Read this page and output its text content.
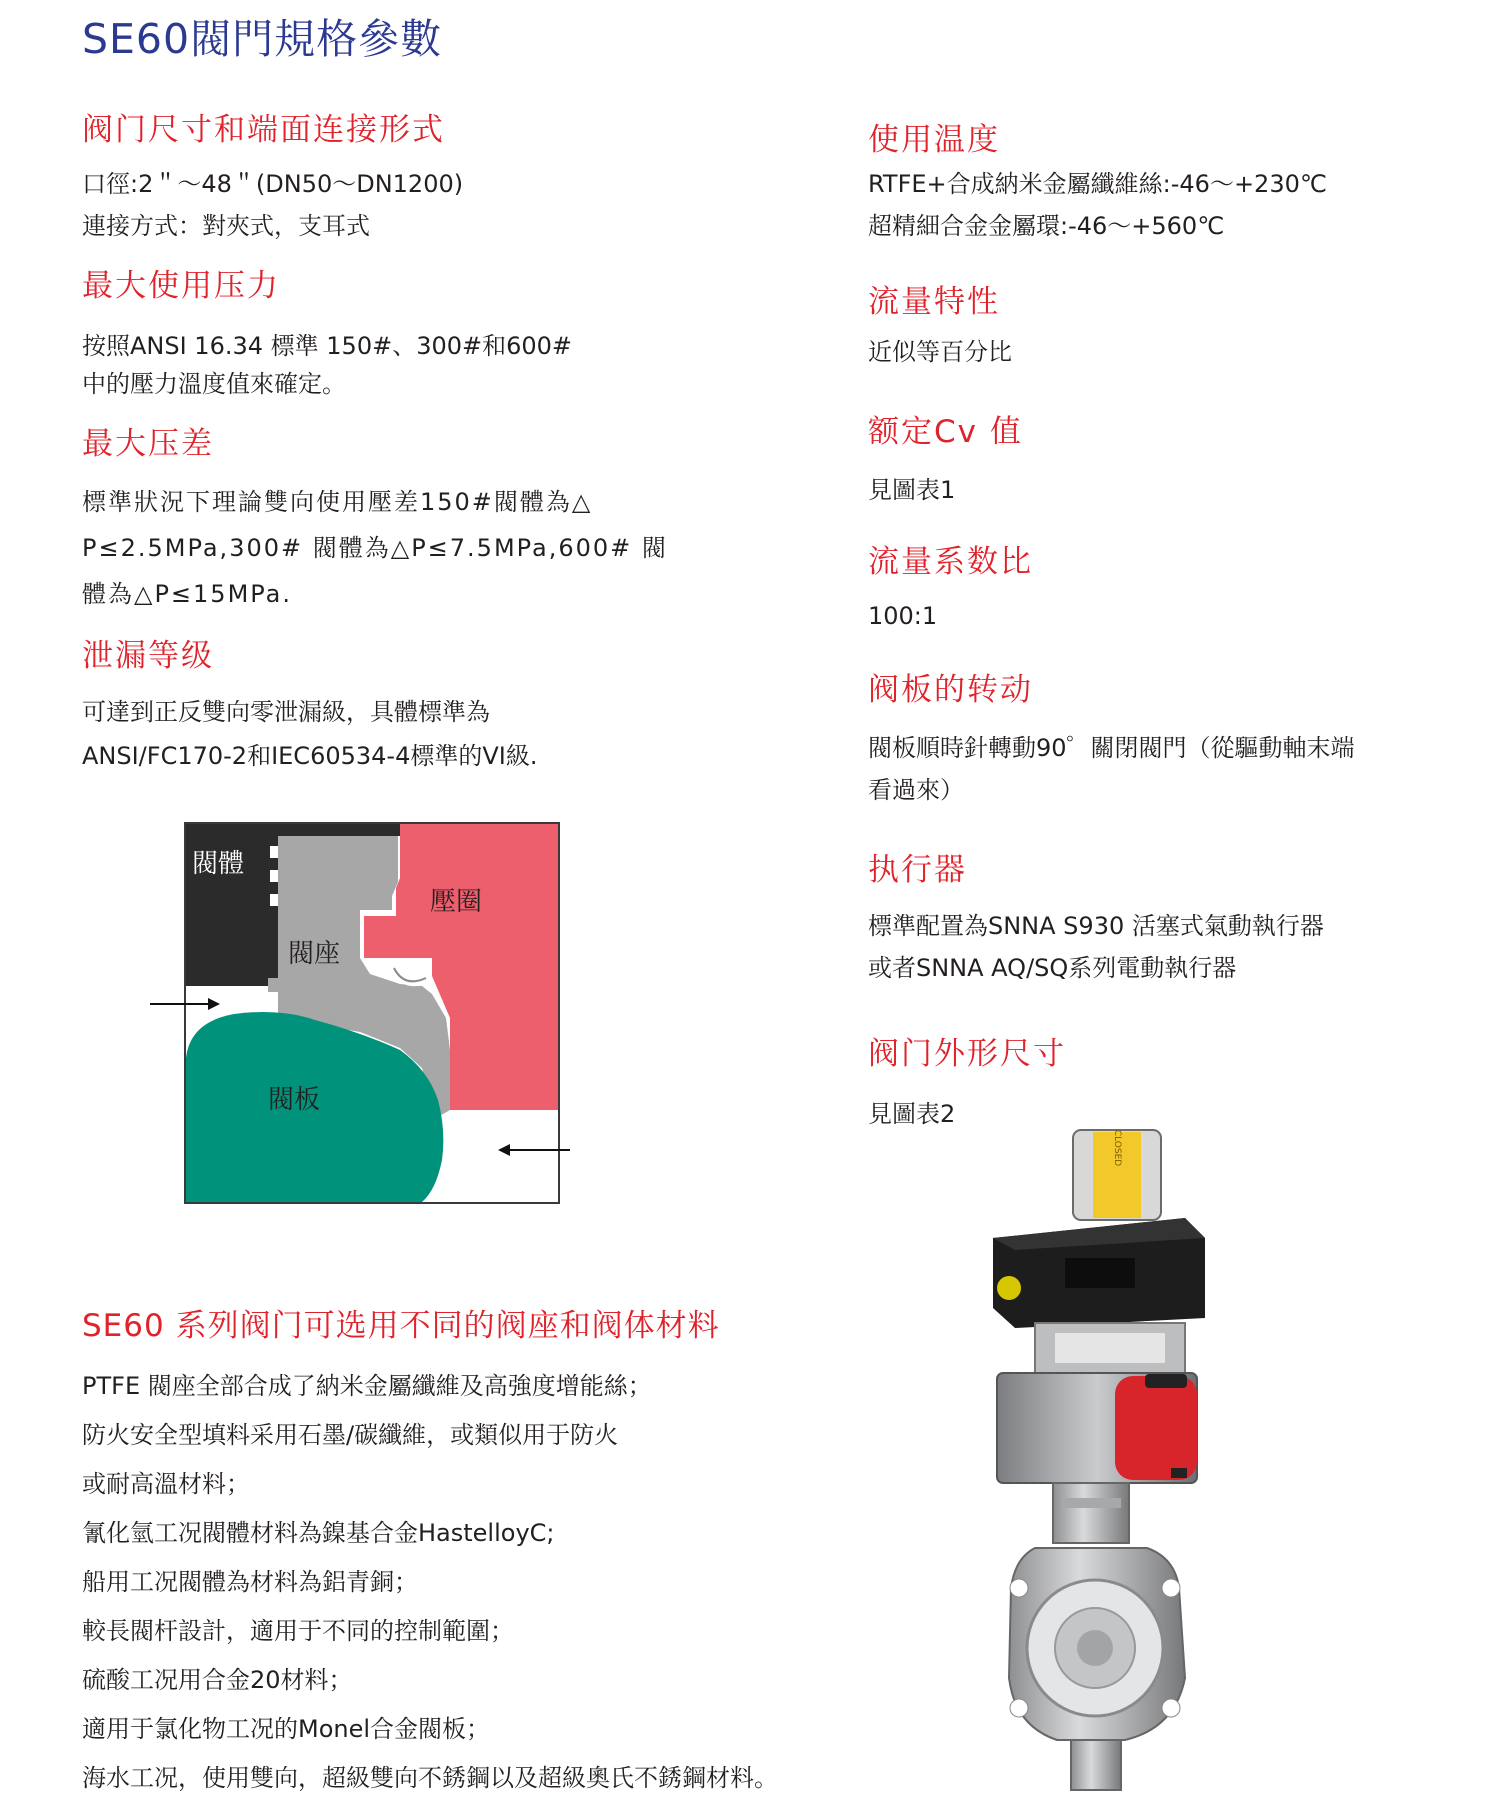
SE60閥門規格參數
阀门尺寸和端面连接形式
口徑:2＂～48＂(DN50～DN1200)
連接方式：對夾式，支耳式
最大使用压力
按照ANSI 16.34 標準 150#、300#和600#
中的壓力溫度值來確定。
最大压差
標準狀況下理論雙向使用壓差150#閥體為△
P≤2.5MPa,300# 閥體為△P≤7.5MPa,600# 閥
體為△P≤15MPa.
泄漏等级
可達到正反雙向零泄漏級，具體標準為
ANSI/FC170-2和IEC60534-4標準的VI級.
使用温度
RTFE+合成納米金屬纖維絲:-46～+230℃
超精細合金金屬環:-46～+560℃
流量特性
近似等百分比
额定Cv 值
見圖表1
流量系数比
100:1
阀板的转动
閥板順時針轉動90゜關閉閥門（從驅動軸末端
看過來）
执行器
標準配置為SNNA S930 活塞式氣動執行器
或者SNNA AQ/SQ系列電動執行器
阀门外形尺寸
見圖表2
閥體
壓圈
閥座
閥板
SE60 系列阀门可选用不同的阀座和阀体材料
PTFE 閥座全部合成了納米金屬纖維及高強度增能絲；
防火安全型填料采用石墨/碳纖維，或類似用于防火
或耐高溫材料；
氰化氫工况閥體材料為鎳基合金HastelloyC;
船用工况閥體為材料為鋁青銅；
較長閥杆設計，適用于不同的控制範圍；
硫酸工况用合金20材料；
適用于氯化物工况的Monel合金閥板；
海水工况，使用雙向，超級雙向不銹鋼以及超級奧氏不銹鋼材料。
CLOSED
